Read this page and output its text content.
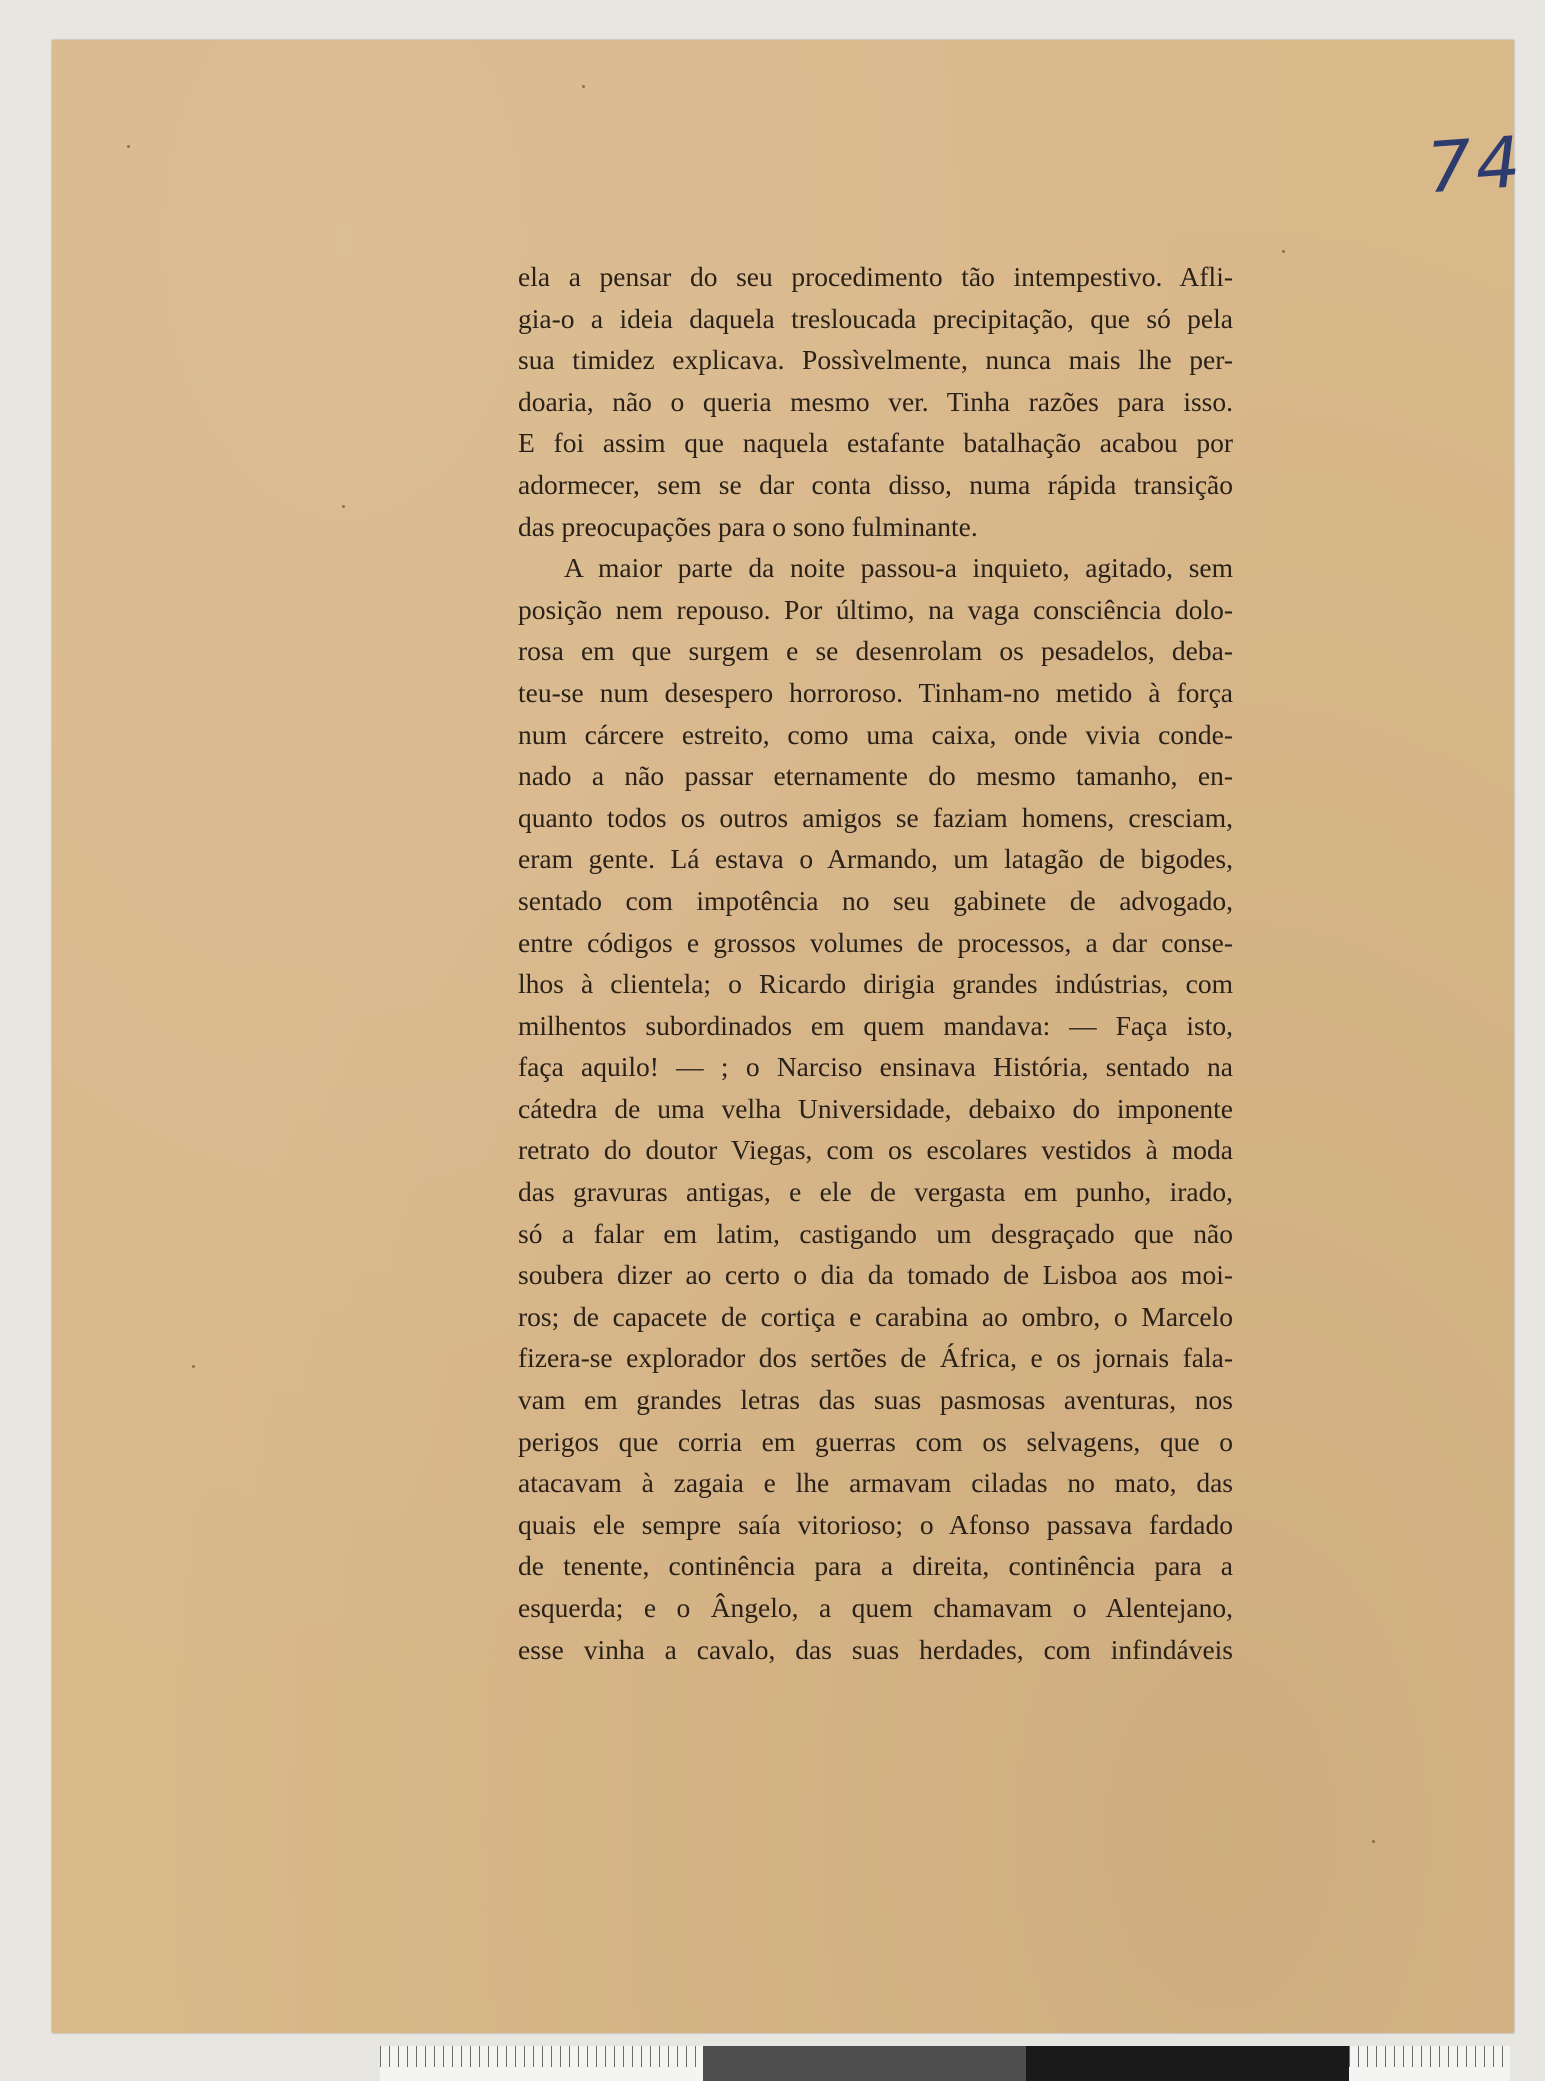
74
ela a pensar do seu procedimento tão intempestivo. Afli-
gia-o a ideia daquela tresloucada precipitação, que só pela
sua timidez explicava. Possìvelmente, nunca mais lhe per-
doaria, não o queria mesmo ver. Tinha razões para isso.
E foi assim que naquela estafante batalhação acabou por
adormecer, sem se dar conta disso, numa rápida transição
das preocupações para o sono fulminante.
A maior parte da noite passou-a inquieto, agitado, sem
posição nem repouso. Por último, na vaga consciência dolo-
rosa em que surgem e se desenrolam os pesadelos, deba-
teu-se num desespero horroroso. Tinham-no metido à força
num cárcere estreito, como uma caixa, onde vivia conde-
nado a não passar eternamente do mesmo tamanho, en-
quanto todos os outros amigos se faziam homens, cresciam,
eram gente. Lá estava o Armando, um latagão de bigodes,
sentado com impotência no seu gabinete de advogado,
entre códigos e grossos volumes de processos, a dar conse-
lhos à clientela; o Ricardo dirigia grandes indústrias, com
milhentos subordinados em quem mandava: — Faça isto,
faça aquilo! — ; o Narciso ensinava História, sentado na
cátedra de uma velha Universidade, debaixo do imponente
retrato do doutor Viegas, com os escolares vestidos à moda
das gravuras antigas, e ele de vergasta em punho, irado,
só a falar em latim, castigando um desgraçado que não
soubera dizer ao certo o dia da tomado de Lisboa aos moi-
ros; de capacete de cortiça e carabina ao ombro, o Marcelo
fizera-se explorador dos sertões de África, e os jornais fala-
vam em grandes letras das suas pasmosas aventuras, nos
perigos que corria em guerras com os selvagens, que o
atacavam à zagaia e lhe armavam ciladas no mato, das
quais ele sempre saía vitorioso; o Afonso passava fardado
de tenente, continência para a direita, continência para a
esquerda; e o Ângelo, a quem chamavam o Alentejano,
esse vinha a cavalo, das suas herdades, com infindáveis
